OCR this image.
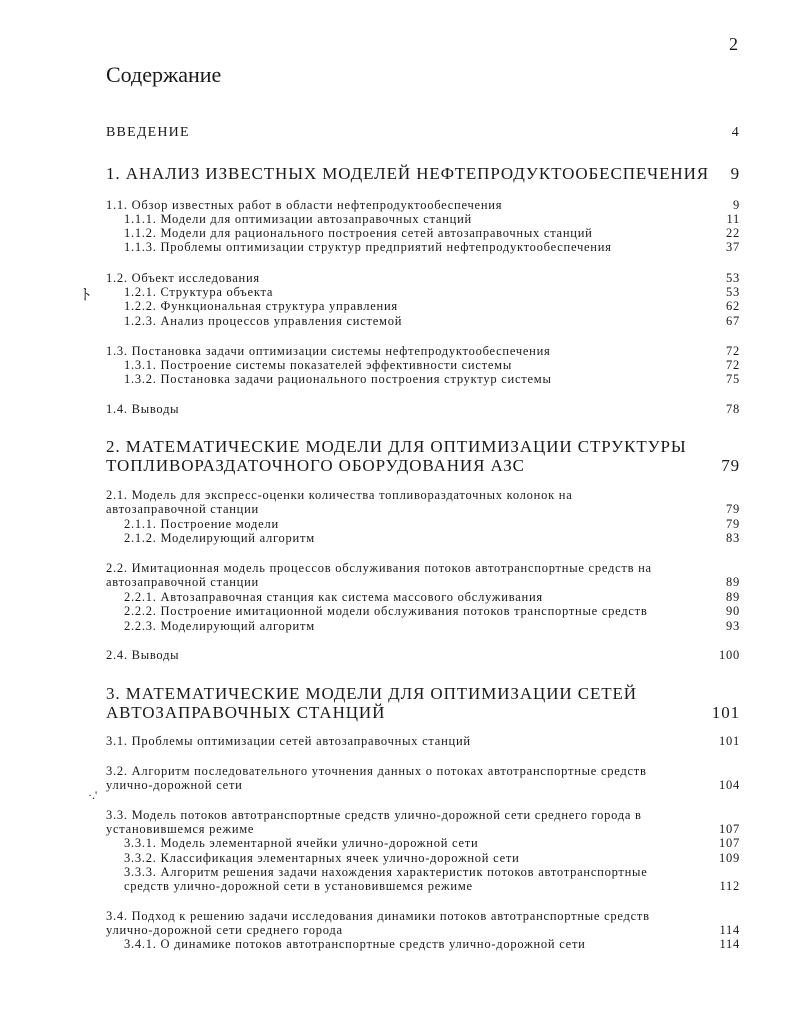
2
Содержание
ВВЕДЕНИЕ	4
1. АНАЛИЗ ИЗВЕСТНЫХ МОДЕЛЕЙ НЕФТЕПРОДУКТООБЕСПЕЧЕНИЯ	9
1.1. Обзор известных работ в области нефтепродуктообеспечения	9
1.1.1. Модели для оптимизации автозаправочных станций	11
1.1.2. Модели для рационального построения сетей автозаправочных станций	22
1.1.3. Проблемы оптимизации структур предприятий нефтепродуктообеспечения	37
1.2. Объект исследования	53
1.2.1. Структура объекта	53
1.2.2. Функциональная структура управления	62
1.2.3. Анализ процессов управления системой	67
1.3. Постановка задачи оптимизации системы нефтепродуктообеспечения	72
1.3.1. Построение системы показателей эффективности системы	72
1.3.2. Постановка задачи рационального построения структур системы	75
1.4. Выводы	78
2. МАТЕМАТИЧЕСКИЕ МОДЕЛИ ДЛЯ ОПТИМИЗАЦИИ СТРУКТУРЫ
ТОПЛИВОРАЗДАТОЧНОГО ОБОРУДОВАНИЯ АЗС	79
2.1. Модель для экспресс-оценки количества топливораздаточных колонок на
автозаправочной станции	79
2.1.1. Построение модели	79
2.1.2. Моделирующий алгоритм	83
2.2. Имитационная модель процессов обслуживания потоков автотранспортные средств на
автозаправочной станции	89
2.2.1. Автозаправочная станция как система массового обслуживания	89
2.2.2. Построение имитационной модели обслуживания потоков транспортные средств	90
2.2.3. Моделирующий алгоритм	93
2.4. Выводы	100
3. МАТЕМАТИЧЕСКИЕ МОДЕЛИ ДЛЯ ОПТИМИЗАЦИИ СЕТЕЙ
АВТОЗАПРАВОЧНЫХ СТАНЦИЙ	101
3.1. Проблемы оптимизации сетей автозаправочных станций	101
3.2. Алгоритм последовательного уточнения данных о потоках автотранспортные средств
улично-дорожной сети	104
3.3. Модель потоков автотранспортные средств улично-дорожной сети среднего города в
установившемся режиме	107
3.3.1. Модель элементарной ячейки улично-дорожной сети	107
3.3.2. Классификация элементарных ячеек улично-дорожной сети	109
3.3.3. Алгоритм решения задачи нахождения характеристик потоков автотранспортные
средств улично-дорожной сети в установившемся режиме	112
3.4. Подход к решению задачи исследования динамики потоков автотранспортные средств
улично-дорожной сети среднего города	114
3.4.1. О динамике потоков автотранспортные средств улично-дорожной сети	114
ﾄ
·.'
